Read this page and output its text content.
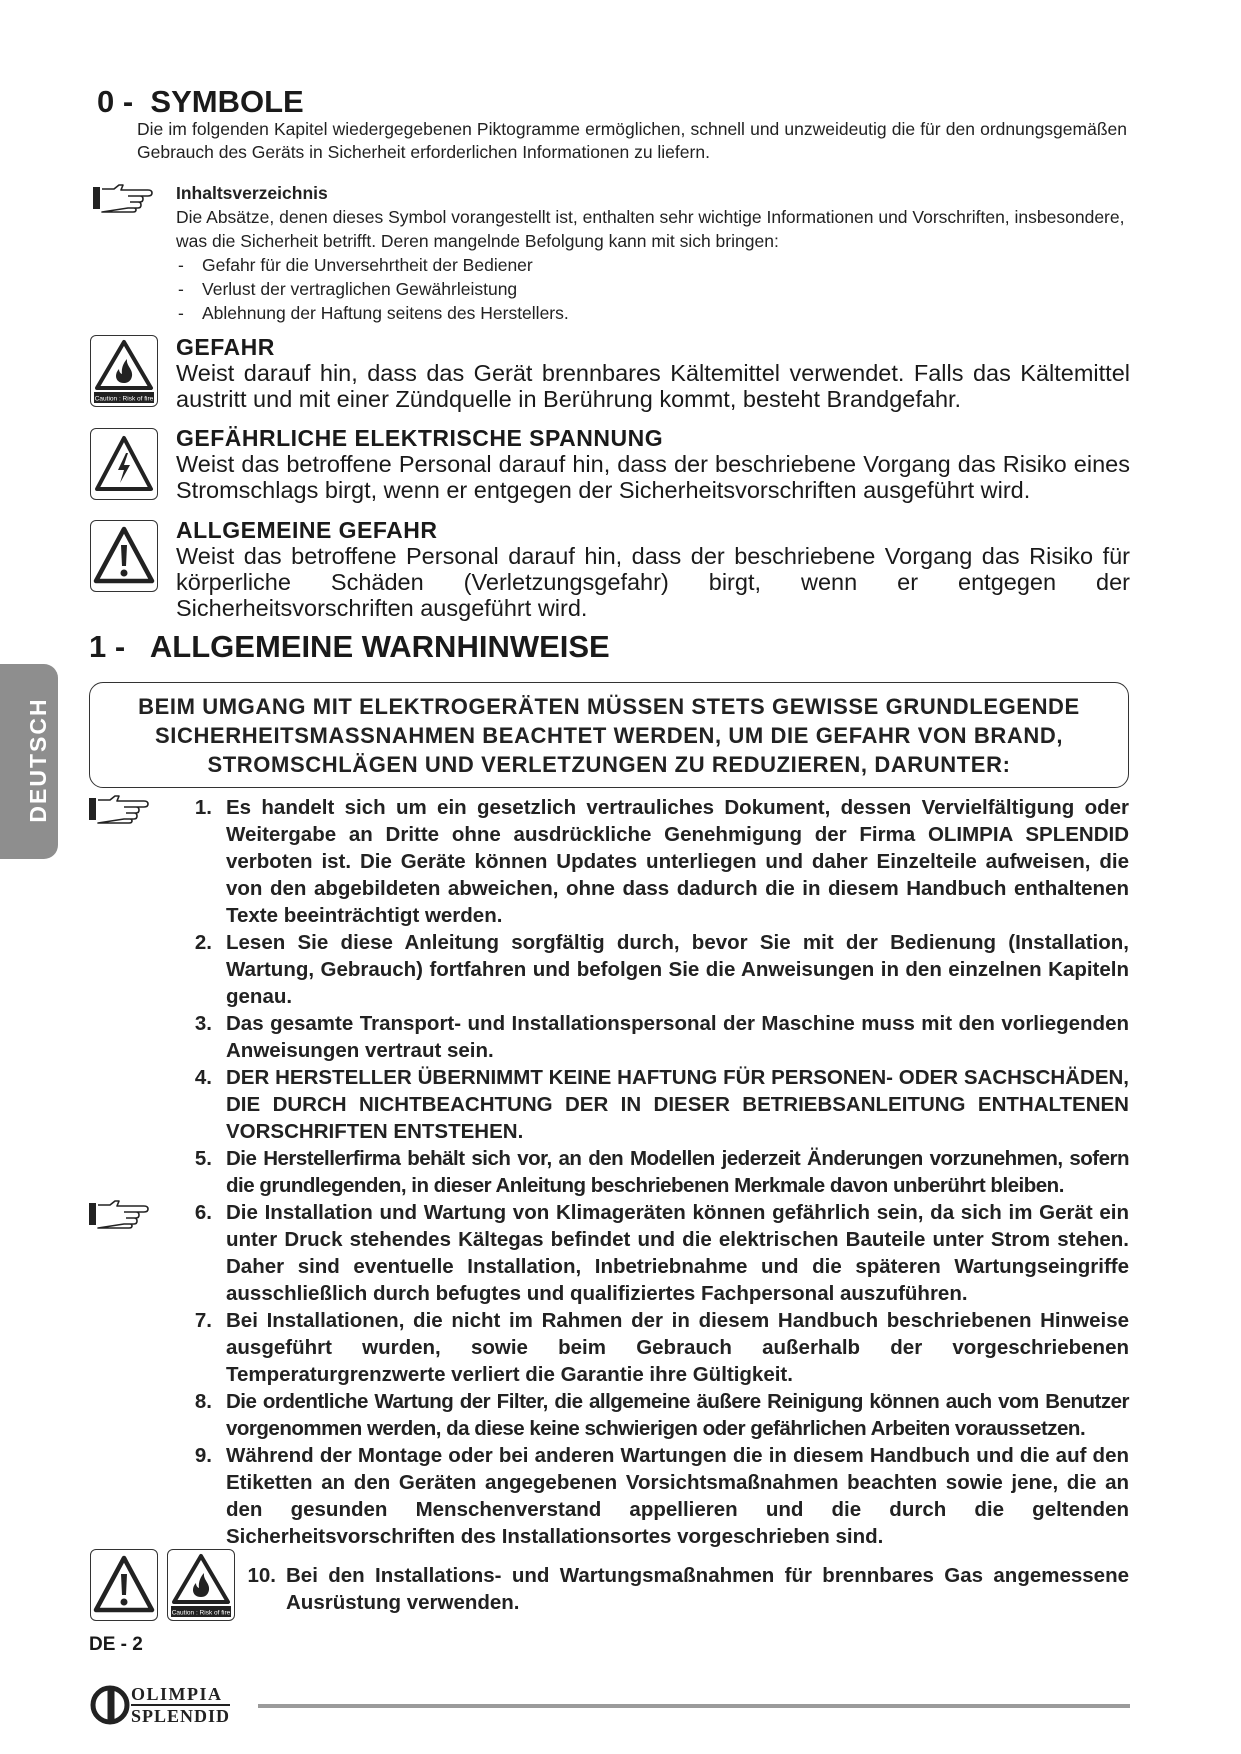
0 - SYMBOLE
Die im folgenden Kapitel wiedergegebenen Piktogramme ermöglichen, schnell und unzweideutig die für den ordnungsgemäßen Gebrauch des Geräts in Sicherheit erforderlichen Informationen zu liefern.
Inhaltsverzeichnis
Die Absätze, denen dieses Symbol vorangestellt ist, enthalten sehr wichtige Informationen und Vorschriften, insbesondere, was die Sicherheit betrifft. Deren mangelnde Befolgung kann mit sich bringen:
-	Gefahr für die Unversehrtheit der Bediener
-	Verlust der vertraglichen Gewährleistung
-	Ablehnung der Haftung seitens des Herstellers.
Caution : Risk of fire
GEFAHR
Weist darauf hin, dass das Gerät brennbares Kältemittel verwendet. Falls das Kältemittel austritt und mit einer Zündquelle in Berührung kommt, besteht Brandgefahr.
GEFÄHRLICHE ELEKTRISCHE SPANNUNG
Weist das betroffene Personal darauf hin, dass der beschriebene Vorgang das Risiko eines Stromschlags birgt, wenn er entgegen der Sicherheitsvorschriften ausgeführt wird.
ALLGEMEINE GEFAHR
Weist das betroffene Personal darauf hin, dass der beschriebene Vorgang das Risiko für körperliche Schäden (Verletzungsgefahr) birgt, wenn er entgegen der Sicherheitsvorschriften ausgeführt wird.
1 - ALLGEMEINE WARNHINWEISE
DEUTSCH	BEIM UMGANG MIT ELEKTROGERÄTEN MÜSSEN STETS GEWISSE GRUNDLEGENDE SICHERHEITSMASSNAHMEN BEACHTET WERDEN, UM DIE GEFAHR VON BRAND, STROMSCHLÄGEN UND VERLETZUNGEN ZU REDUZIEREN, DARUNTER:
1. Es handelt sich um ein gesetzlich vertrauliches Dokument, dessen Vervielfältigung oder Weitergabe an Dritte ohne ausdrückliche Genehmigung der Firma OLIMPIA SPLENDID verboten ist. Die Geräte können Updates unterliegen und daher Einzelteile aufweisen, die von den abgebildeten abweichen, ohne dass dadurch die in diesem Handbuch enthaltenen Texte beeinträchtigt werden.
2. Lesen Sie diese Anleitung sorgfältig durch, bevor Sie mit der Bedienung (Installation, Wartung, Gebrauch) fortfahren und befolgen Sie die Anweisungen in den einzelnen Kapiteln genau.
3. Das gesamte Transport- und Installationspersonal der Maschine muss mit den vorliegenden Anweisungen vertraut sein.
4. DER HERSTELLER ÜBERNIMMT KEINE HAFTUNG FÜR PERSONEN- ODER SACHSCHÄDEN, DIE DURCH NICHTBEACHTUNG DER IN DIESER BETRIEBSANLEITUNG ENTHALTENEN VORSCHRIFTEN ENTSTEHEN.
5. Die Herstellerfirma behält sich vor, an den Modellen jederzeit Änderungen vorzunehmen, sofern die grundlegenden, in dieser Anleitung beschriebenen Merkmale davon unberührt bleiben.
6. Die Installation und Wartung von Klimageräten können gefährlich sein, da sich im Gerät ein unter Druck stehendes Kältegas befindet und die elektrischen Bauteile unter Strom stehen. Daher sind eventuelle Installation, Inbetriebnahme und die späteren Wartungseingriffe ausschließlich durch befugtes und qualifiziertes Fachpersonal auszuführen.
7. Bei Installationen, die nicht im Rahmen der in diesem Handbuch beschriebenen Hinweise ausgeführt wurden, sowie beim Gebrauch außerhalb der vorgeschriebenen Temperaturgrenzwerte verliert die Garantie ihre Gültigkeit.
8. Die ordentliche Wartung der Filter, die allgemeine äußere Reinigung können auch vom Benutzer vorgenommen werden, da diese keine schwierigen oder gefährlichen Arbeiten voraussetzen.
9. Während der Montage oder bei anderen Wartungen die in diesem Handbuch und die auf den Etiketten an den Geräten angegebenen Vorsichtsmaßnahmen beachten sowie jene, die an den gesunden Menschenverstand appellieren und die durch die geltenden Sicherheitsvorschriften des Installationsortes vorgeschrieben sind.
Caution : Risk of fire
10. Bei den Installations- und Wartungsmaßnahmen für brennbares Gas angemessene Ausrüstung verwenden.
DE - 2
OLIMPIA
SPLENDID
